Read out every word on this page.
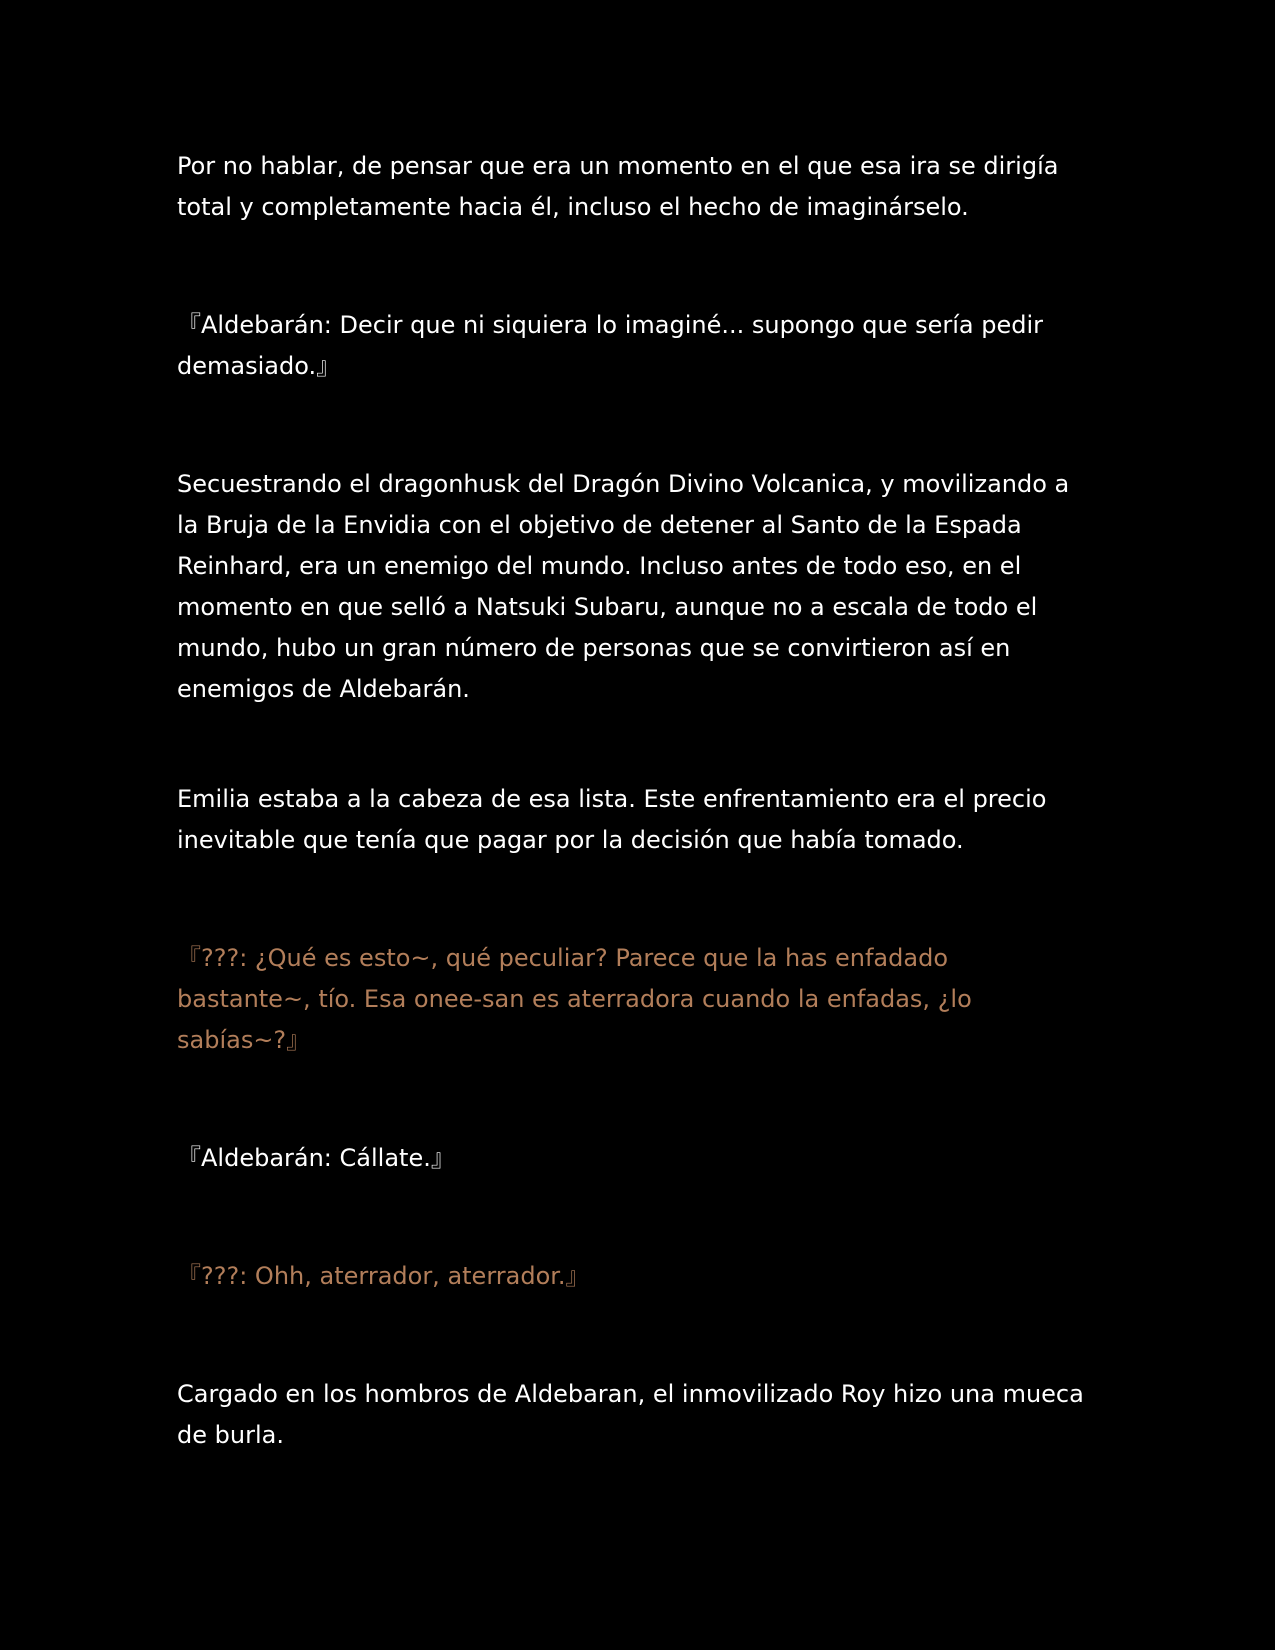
Por no hablar, de pensar que era un momento en el que esa ira se dirigía total y completamente hacia él, incluso el hecho de imaginárselo.

『Aldebarán: Decir que ni siquiera lo imaginé... supongo que sería pedir demasiado.』

Secuestrando el dragonhusk del Dragón Divino Volcanica, y movilizando a la Bruja de la Envidia con el objetivo de detener al Santo de la Espada Reinhard, era un enemigo del mundo. Incluso antes de todo eso, en el momento en que selló a Natsuki Subaru, aunque no a escala de todo el mundo, hubo un gran número de personas que se convirtieron así en enemigos de Aldebarán.

Emilia estaba a la cabeza de esa lista. Este enfrentamiento era el precio inevitable que tenía que pagar por la decisión que había tomado.

『???: ¿Qué es esto~, qué peculiar? Parece que la has enfadado bastante~, tío. Esa onee-san es aterradora cuando la enfadas, ¿lo sabías~?』

『Aldebarán: Cállate.』

『???: Ohh, aterrador, aterrador.』

Cargado en los hombros de Aldebaran, el inmovilizado Roy hizo una mueca de burla.
